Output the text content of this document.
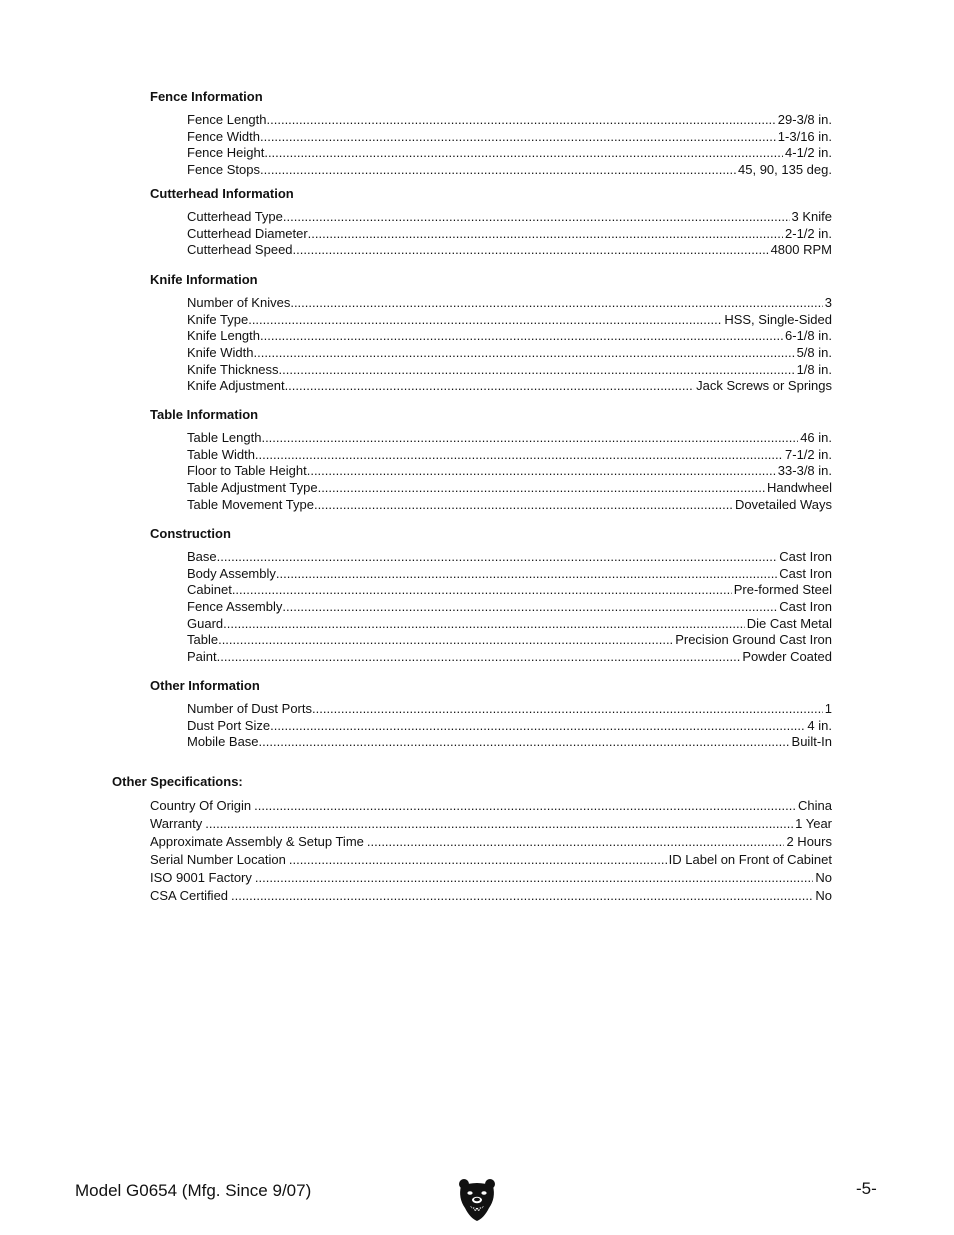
Fence Information
Fence Length .....	29-3/8 in.
Fence Width .....	1-3/16 in.
Fence Height .....	4-1/2 in.
Fence Stops .....	45, 90, 135 deg.
Cutterhead Information
Cutterhead Type .....	3 Knife
Cutterhead Diameter .....	2-1/2 in.
Cutterhead Speed .....	4800 RPM
Knife Information
Number of Knives .....	3
Knife Type .....	HSS, Single-Sided
Knife Length .....	6-1/8 in.
Knife Width .....	5/8 in.
Knife Thickness .....	1/8 in.
Knife Adjustment .....	Jack Screws or Springs
Table Information
Table Length .....	46 in.
Table Width .....	7-1/2 in.
Floor to Table Height .....	33-3/8 in.
Table Adjustment Type .....	Handwheel
Table Movement Type .....	Dovetailed Ways
Construction
Base .....	Cast Iron
Body Assembly .....	Cast Iron
Cabinet .....	Pre-formed Steel
Fence Assembly .....	Cast Iron
Guard .....	Die Cast Metal
Table .....	Precision Ground Cast Iron
Paint .....	Powder Coated
Other Information
Number of Dust Ports .....	1
Dust Port Size .....	4 in.
Mobile Base .....	Built-In
Other Specifications:
Country Of Origin .....	China
Warranty .....	1 Year
Approximate Assembly & Setup Time .....	2 Hours
Serial Number Location .....	ID Label on Front of Cabinet
ISO 9001 Factory .....	No
CSA Certified .....	No
Model G0654 (Mfg. Since 9/07)	-5-
